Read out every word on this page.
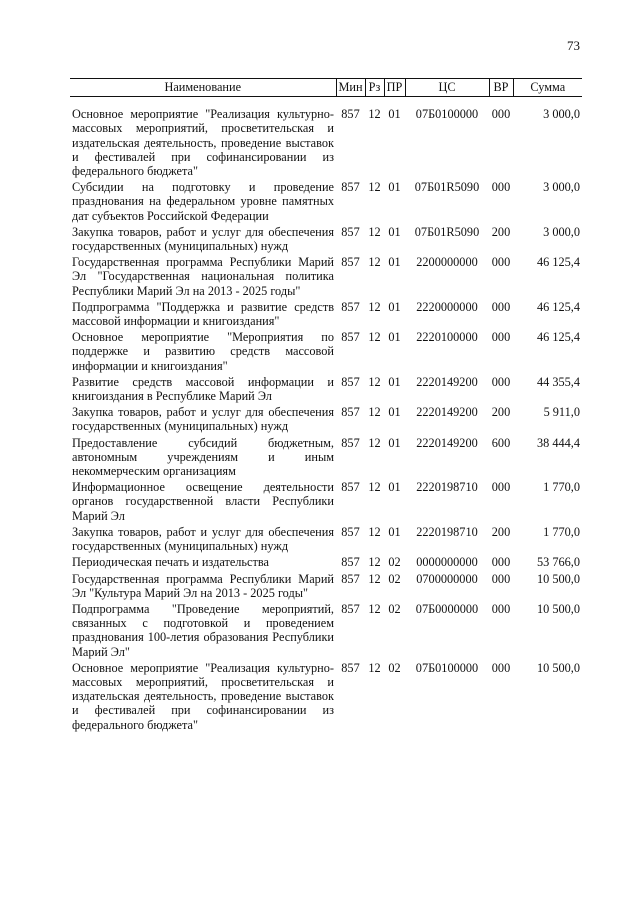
73
Наименование	Мин	Рз	ПР	ЦС	ВР	Сумма
Основное мероприятие "Реализация культурно-массовых мероприятий, просветительская и издательская деятельность, проведение выставок и фестивалей при софинансировании из федерального бюджета"	857	12	01	07Б0100000	000	3 000,0
Субсидии на подготовку и проведение празднования на федеральном уровне памятных дат субъектов Российской Федерации	857	12	01	07Б01R5090	000	3 000,0
Закупка товаров, работ и услуг для обеспечения государственных (муниципальных) нужд	857	12	01	07Б01R5090	200	3 000,0
Государственная программа Республики Марий Эл "Государственная национальная политика Республики Марий Эл на 2013 - 2025 годы"	857	12	01	2200000000	000	46 125,4
Подпрограмма "Поддержка и развитие средств массовой информации и книгоиздания"	857	12	01	2220000000	000	46 125,4
Основное мероприятие "Мероприятия по поддержке и развитию средств массовой информации и книгоиздания"	857	12	01	2220100000	000	46 125,4
Развитие средств массовой информации и книгоиздания в Республике Марий Эл	857	12	01	2220149200	000	44 355,4
Закупка товаров, работ и услуг для обеспечения государственных (муниципальных) нужд	857	12	01	2220149200	200	5 911,0
Предоставление субсидий бюджетным, автономным учреждениям и иным некоммерческим организациям	857	12	01	2220149200	600	38 444,4
Информационное освещение деятельности органов государственной власти Республики Марий Эл	857	12	01	2220198710	000	1 770,0
Закупка товаров, работ и услуг для обеспечения государственных (муниципальных) нужд	857	12	01	2220198710	200	1 770,0
Периодическая печать и издательства	857	12	02	0000000000	000	53 766,0
Государственная программа Республики Марий Эл "Культура Марий Эл на 2013 - 2025 годы"	857	12	02	0700000000	000	10 500,0
Подпрограмма "Проведение мероприятий, связанных с подготовкой и проведением празднования 100-летия образования Республики Марий Эл"	857	12	02	07Б0000000	000	10 500,0
Основное мероприятие "Реализация культурно-массовых мероприятий, просветительская и издательская деятельность, проведение выставок и фестивалей при софинансировании из федерального бюджета"	857	12	02	07Б0100000	000	10 500,0
